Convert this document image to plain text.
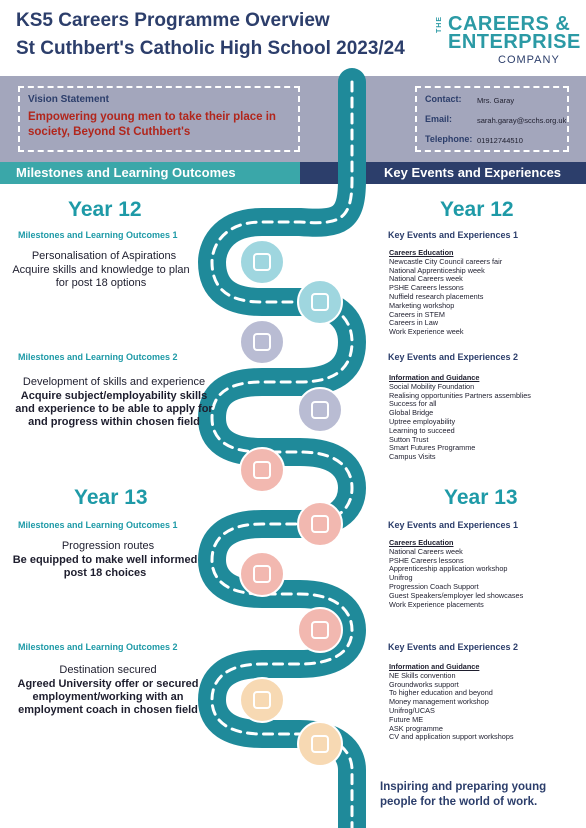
KS5 Careers Programme Overview
St Cuthbert's Catholic High School 2023/24
THE CAREERS &
ENTERPRISE
COMPANY
Vision Statement
Empowering young men to take their place in society, Beyond St Cuthbert's
Contact: Mrs. Garay
Email:	sarah.garay@scchs.org.uk
Telephone: 01912744510
Milestones and Learning Outcomes	Key Events and Experiences
Year 12
Milestones and Learning Outcomes 1
Personalisation of Aspirations
Acquire skills and knowledge to plan for post 18 options
Milestones and Learning Outcomes 2
Development of skills and experience
Acquire subject/employability skills and experience to be able to apply for and progress within chosen field
Year 13
Milestones and Learning Outcomes 1
Progression routes
Be equipped to make well informed post 18 choices
Milestones and Learning Outcomes 2
Destination secured
Agreed University offer or secured employment/working with an employment coach in chosen field
Year 12
Key Events and Experiences 1
Careers Education
Newcastle City Council careers fair
National Apprenticeship week
National Careers week
PSHE Careers lessons
Nuffield research placements
Marketing workshop
Careers in STEM
Careers in Law
Work Experience week
Key Events and Experiences 2
Information and Guidance
Social Mobility Foundation
Realising opportunities Partners assemblies
Success for all
Global Bridge
Uptree employability
Learning to succeed
Sutton Trust
Smart Futures Programme
Campus Visits
Year 13
Key Events and Experiences 1
Careers Education
National Careers week
PSHE Careers lessons
Apprenticeship application workshop
Unifrog
Progression Coach Support
Guest Speakers/employer led showcases
Work Experience placements
Key Events and Experiences 2
Information and Guidance
NE Skills convention
Groundworks support
To higher education and beyond
Money management workshop
Unifrog/UCAS
Future ME
ASK programme
CV and application support workshops
Inspiring and preparing young people for the world of work.
